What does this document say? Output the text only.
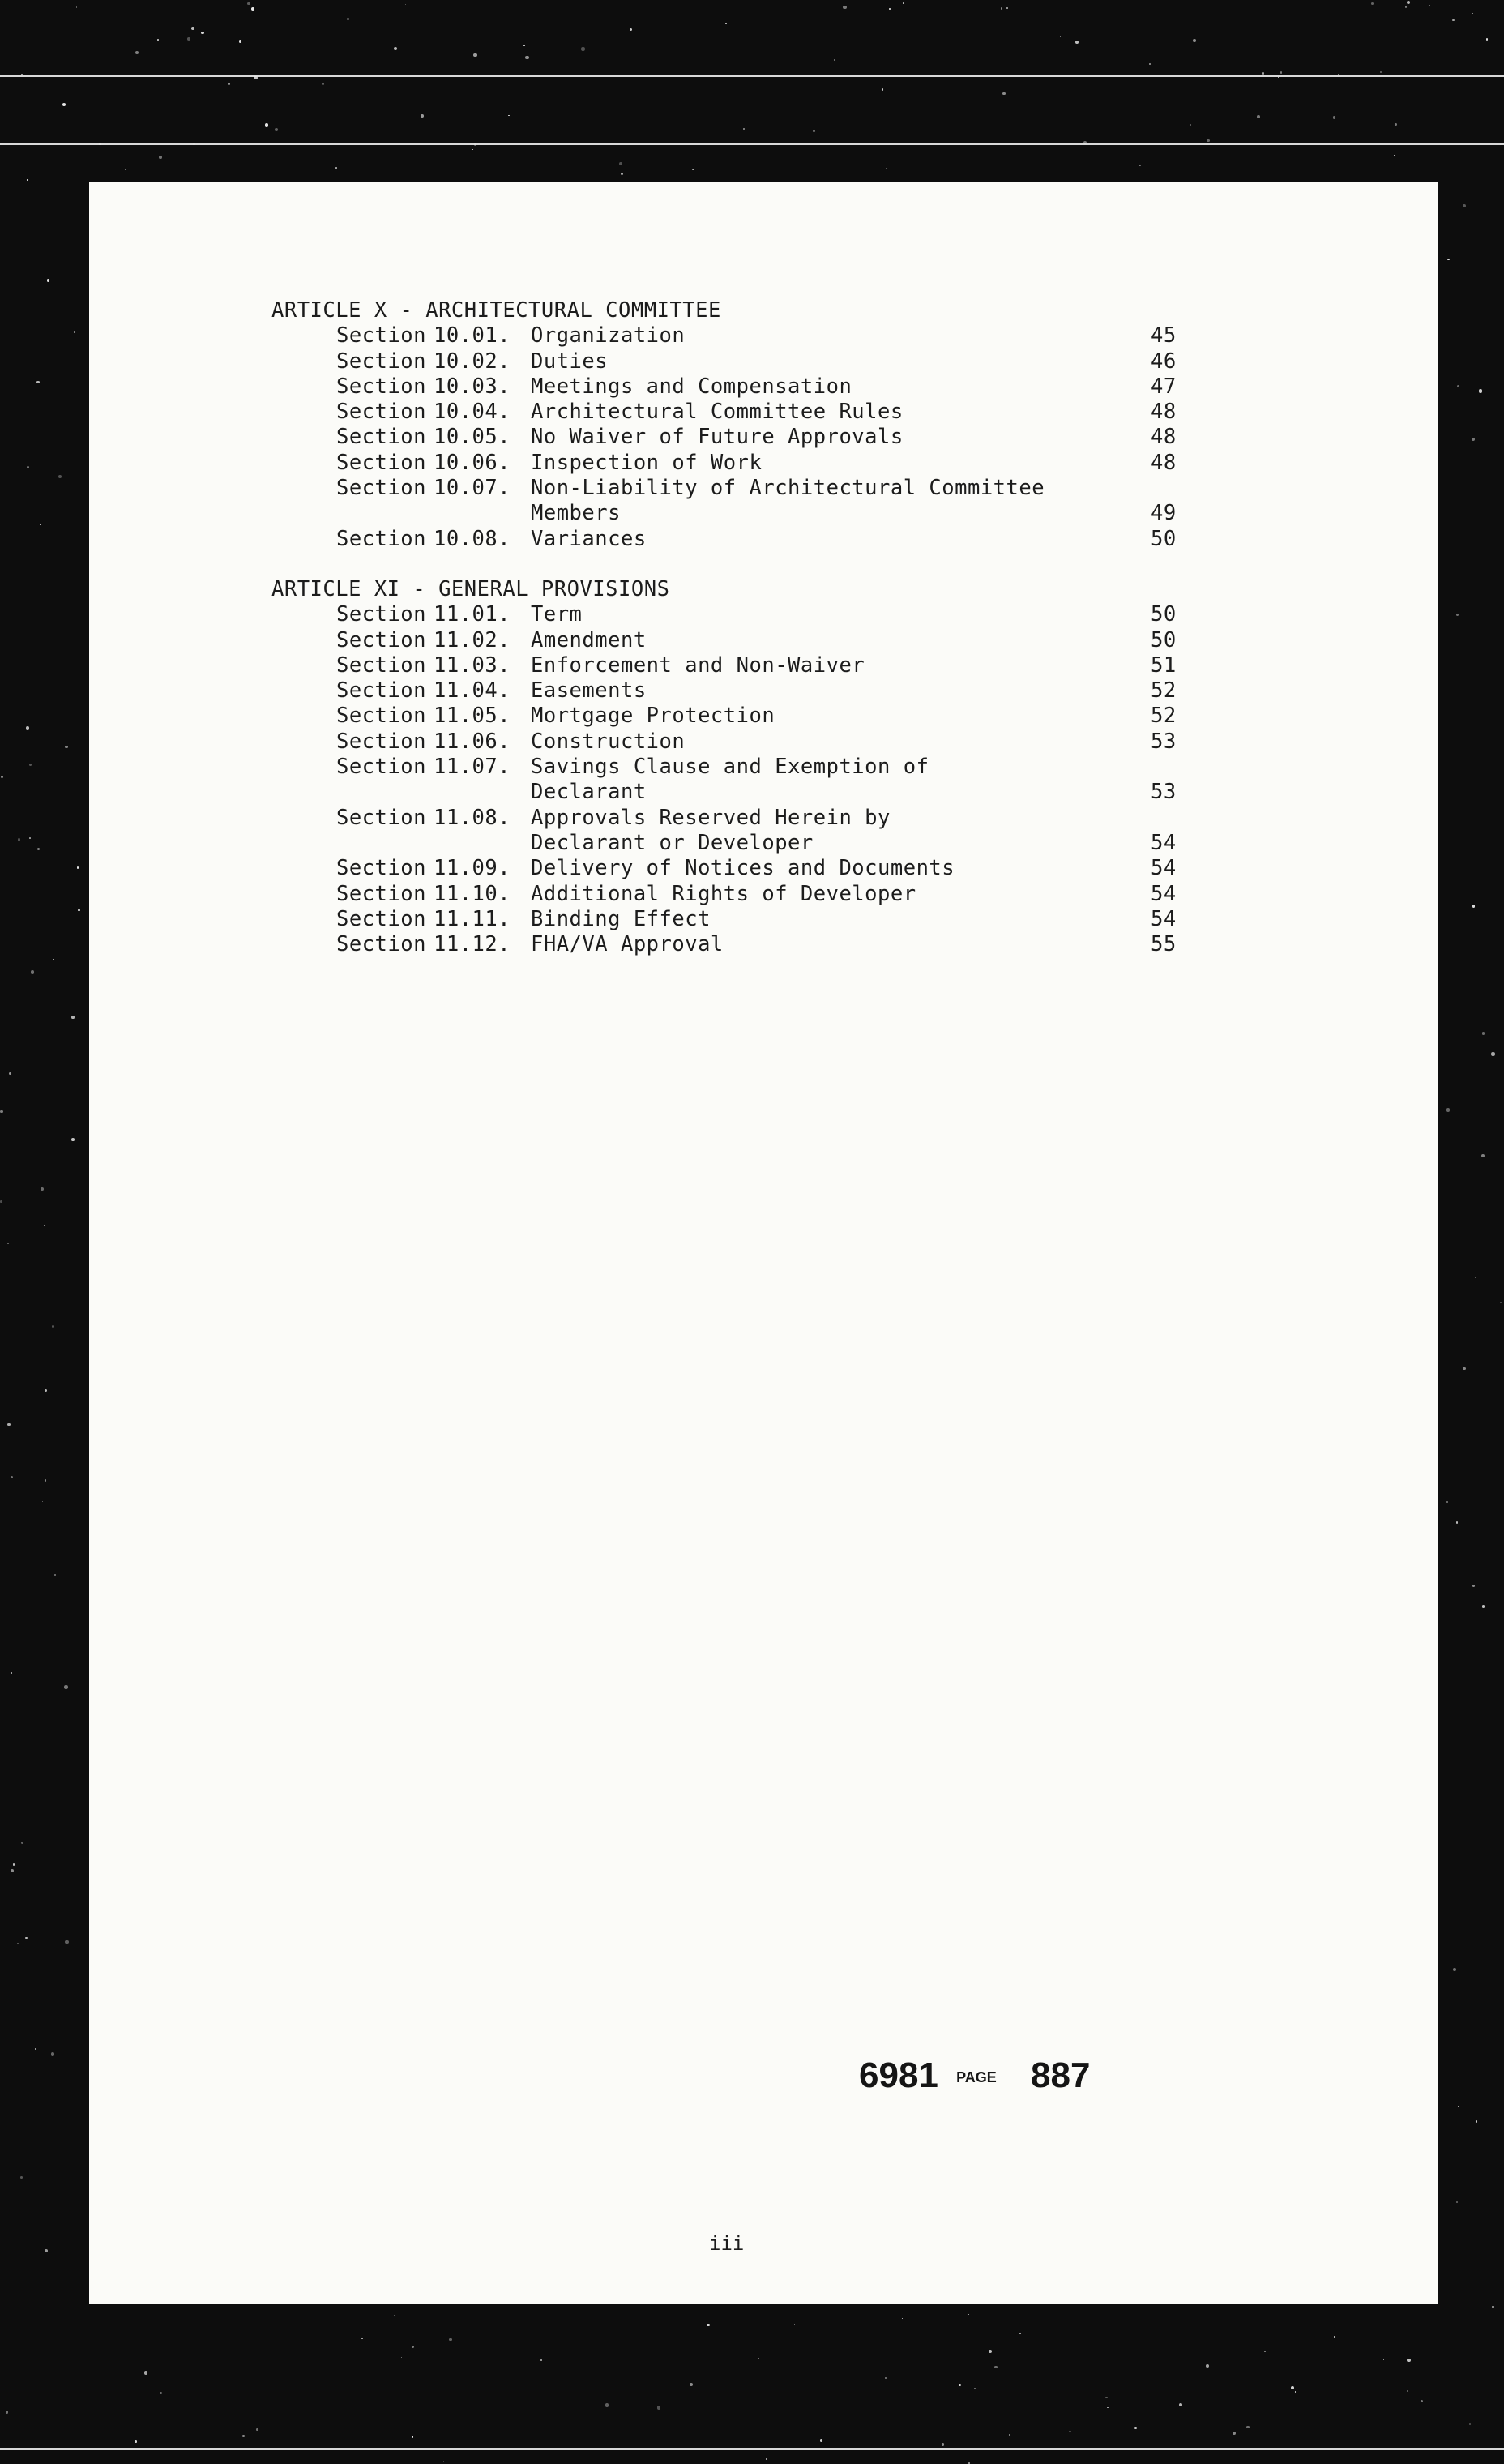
ARTICLE X - ARCHITECTURAL COMMITTEE
Section 10.01. Organization	45
Section 10.02. Duties	46
Section 10.03. Meetings and Compensation	47
Section 10.04. Architectural Committee Rules	48
Section 10.05. No Waiver of Future Approvals	48
Section 10.06. Inspection of Work	48
Section 10.07. Non-Liability of Architectural Committee
Members	49
Section 10.08. Variances	50
ARTICLE XI - GENERAL PROVISIONS
Section 11.01. Term	50
Section 11.02. Amendment	50
Section 11.03. Enforcement and Non-Waiver	51
Section 11.04. Easements	52
Section 11.05. Mortgage Protection	52
Section 11.06. Construction	53
Section 11.07. Savings Clause and Exemption of
Declarant	53
Section 11.08. Approvals Reserved Herein by
Declarant or Developer	54
Section 11.09. Delivery of Notices and Documents	54
Section 11.10. Additional Rights of Developer	54
Section 11.11. Binding Effect	54
Section 11.12. FHA/VA Approval	55
6981 PAGE 887
iii
